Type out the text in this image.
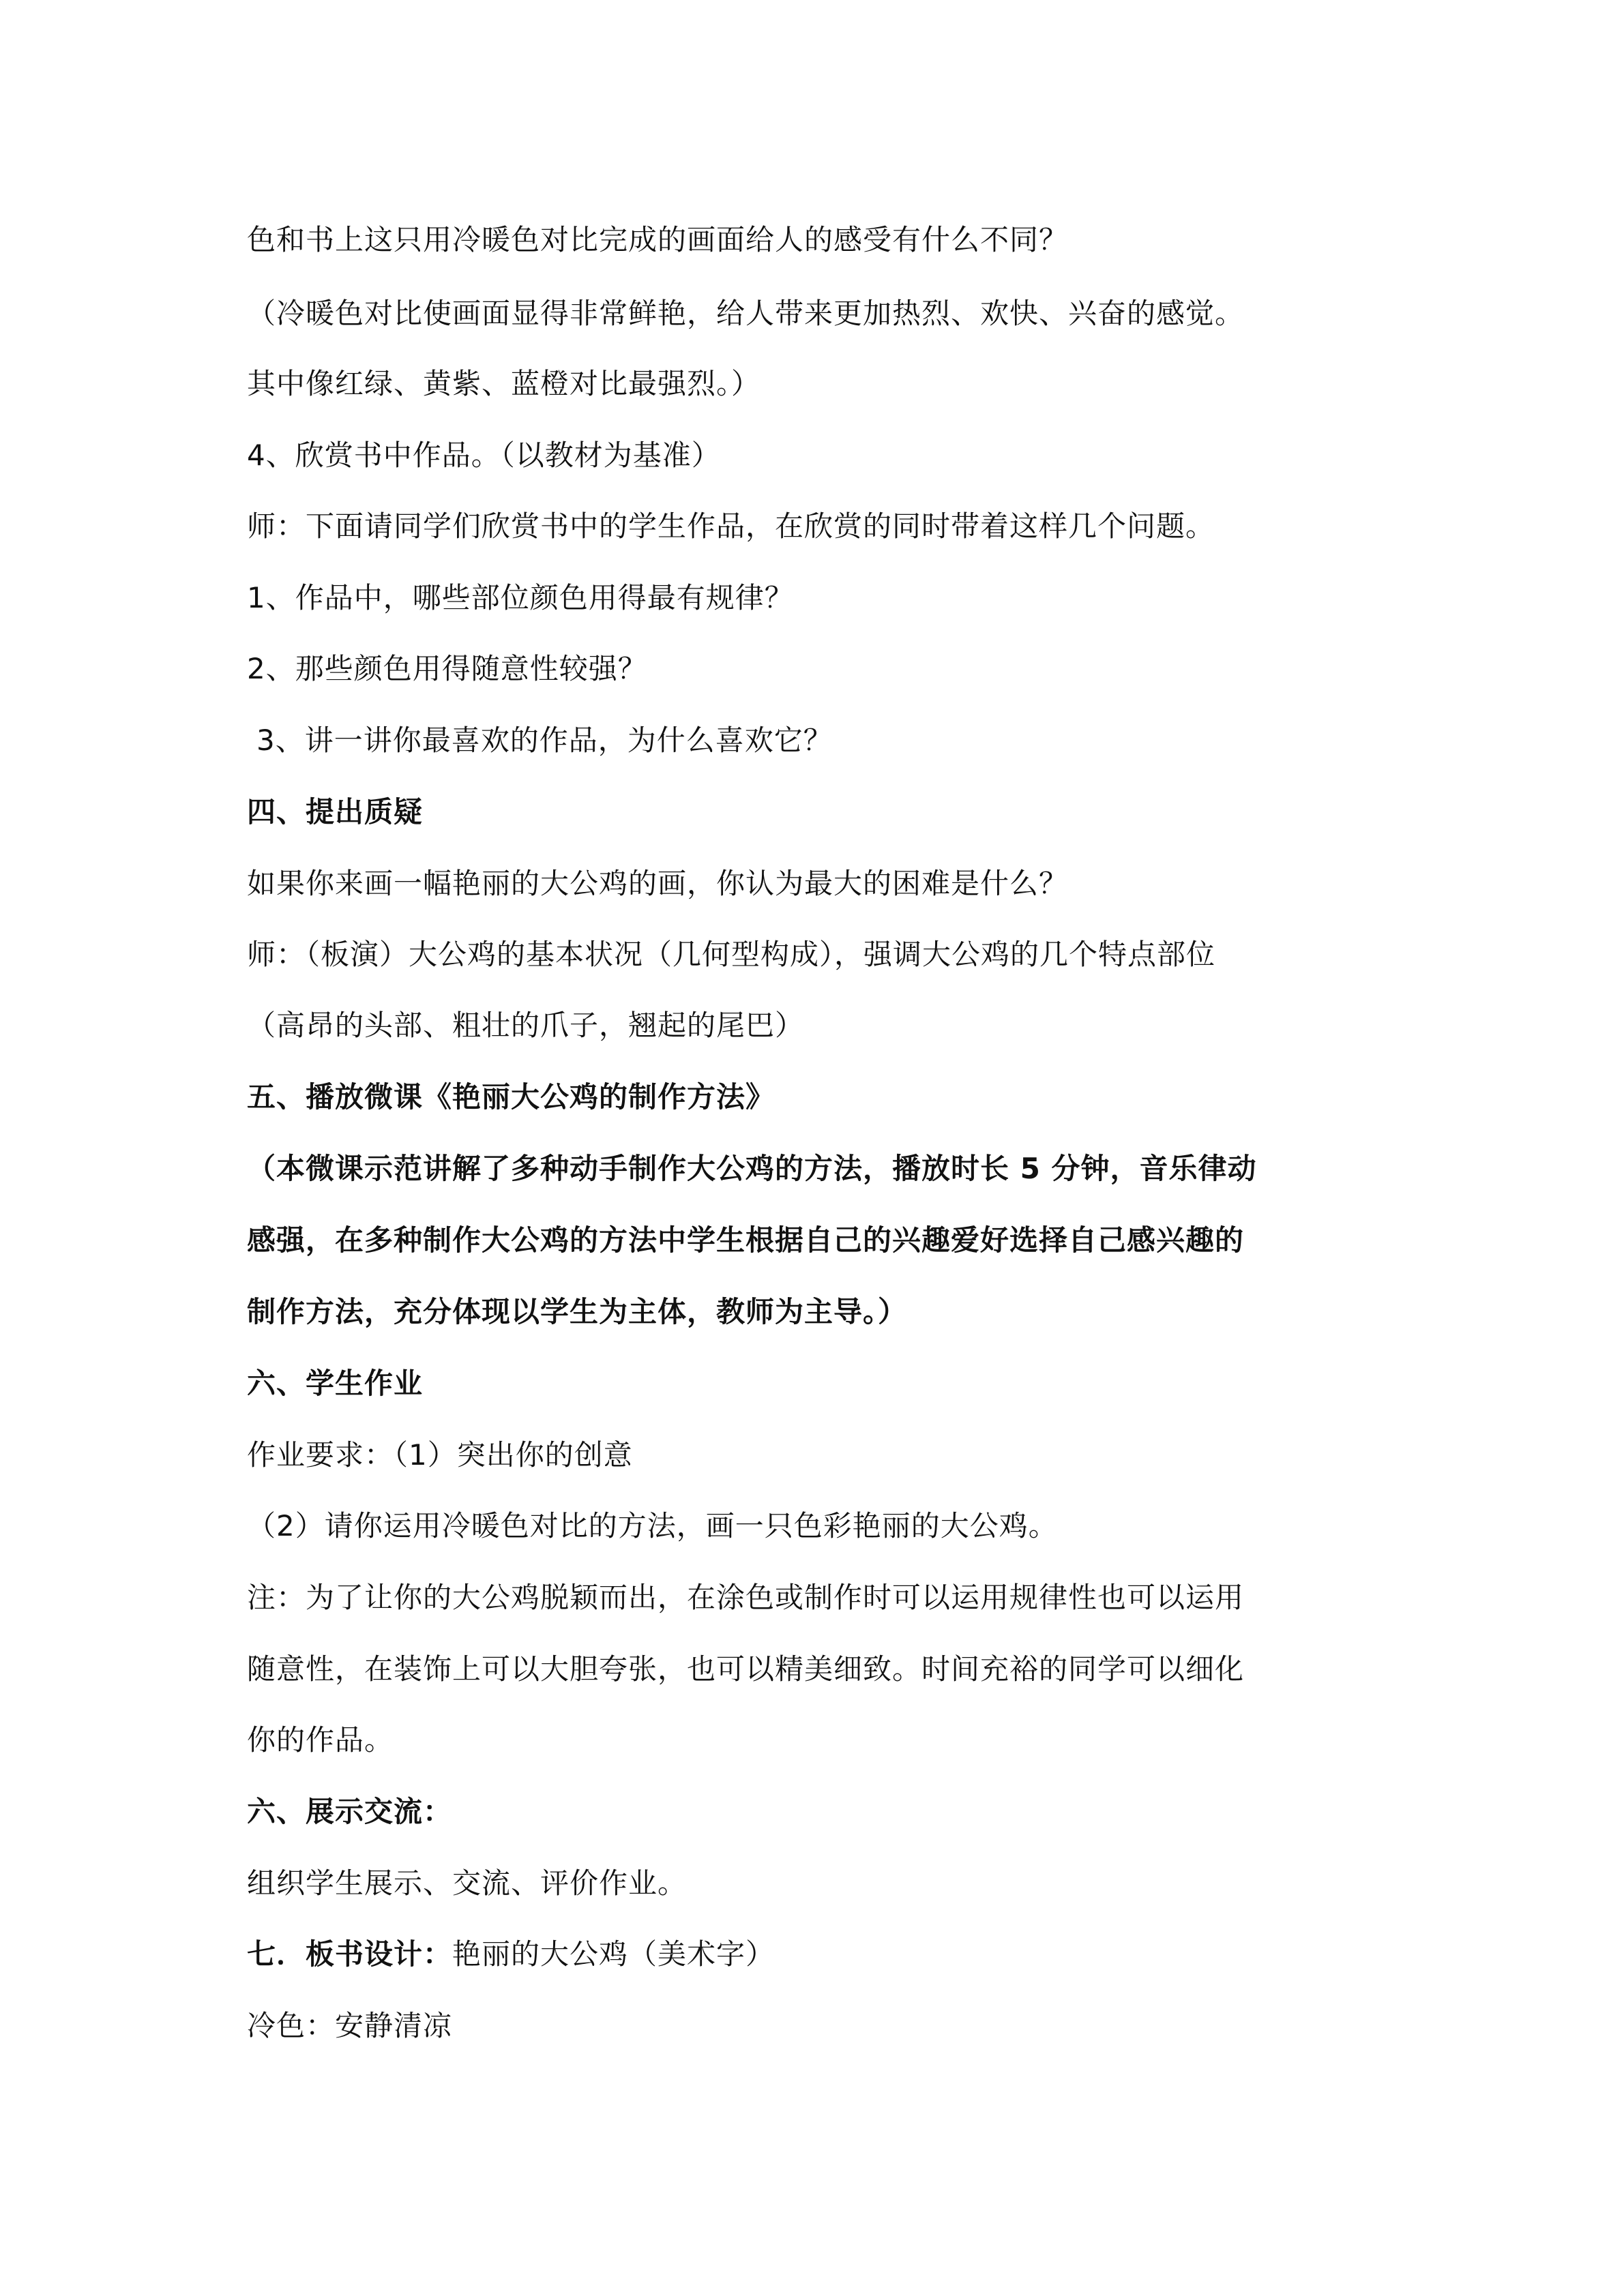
色和书上这只用冷暖色对比完成的画面给人的感受有什么不同？
（冷暖色对比使画面显得非常鲜艳，给人带来更加热烈、欢快、兴奋的感觉。
其中像红绿、黄紫、蓝橙对比最强烈。）
4、欣赏书中作品。（以教材为基准）
师：下面请同学们欣赏书中的学生作品，在欣赏的同时带着这样几个问题。
1、作品中，哪些部位颜色用得最有规律？
2、那些颜色用得随意性较强？
3、讲一讲你最喜欢的作品，为什么喜欢它？
四、提出质疑
如果你来画一幅艳丽的大公鸡的画，你认为最大的困难是什么？
师：（板演）大公鸡的基本状况（几何型构成），强调大公鸡的几个特点部位
（高昂的头部、粗壮的爪子，翘起的尾巴）
五、播放微课《艳丽大公鸡的制作方法》
（本微课示范讲解了多种动手制作大公鸡的方法，播放时长 5 分钟，音乐律动
感强，在多种制作大公鸡的方法中学生根据自己的兴趣爱好选择自己感兴趣的
制作方法，充分体现以学生为主体，教师为主导。）
六、学生作业
作业要求：（1）突出你的创意
（2）请你运用冷暖色对比的方法，画一只色彩艳丽的大公鸡。
注：为了让你的大公鸡脱颖而出，在涂色或制作时可以运用规律性也可以运用
随意性，在装饰上可以大胆夸张，也可以精美细致。时间充裕的同学可以细化
你的作品。
六、展示交流：
组织学生展示、交流、评价作业。
七．板书设计：艳丽的大公鸡（美术字）
冷色：安静清凉
